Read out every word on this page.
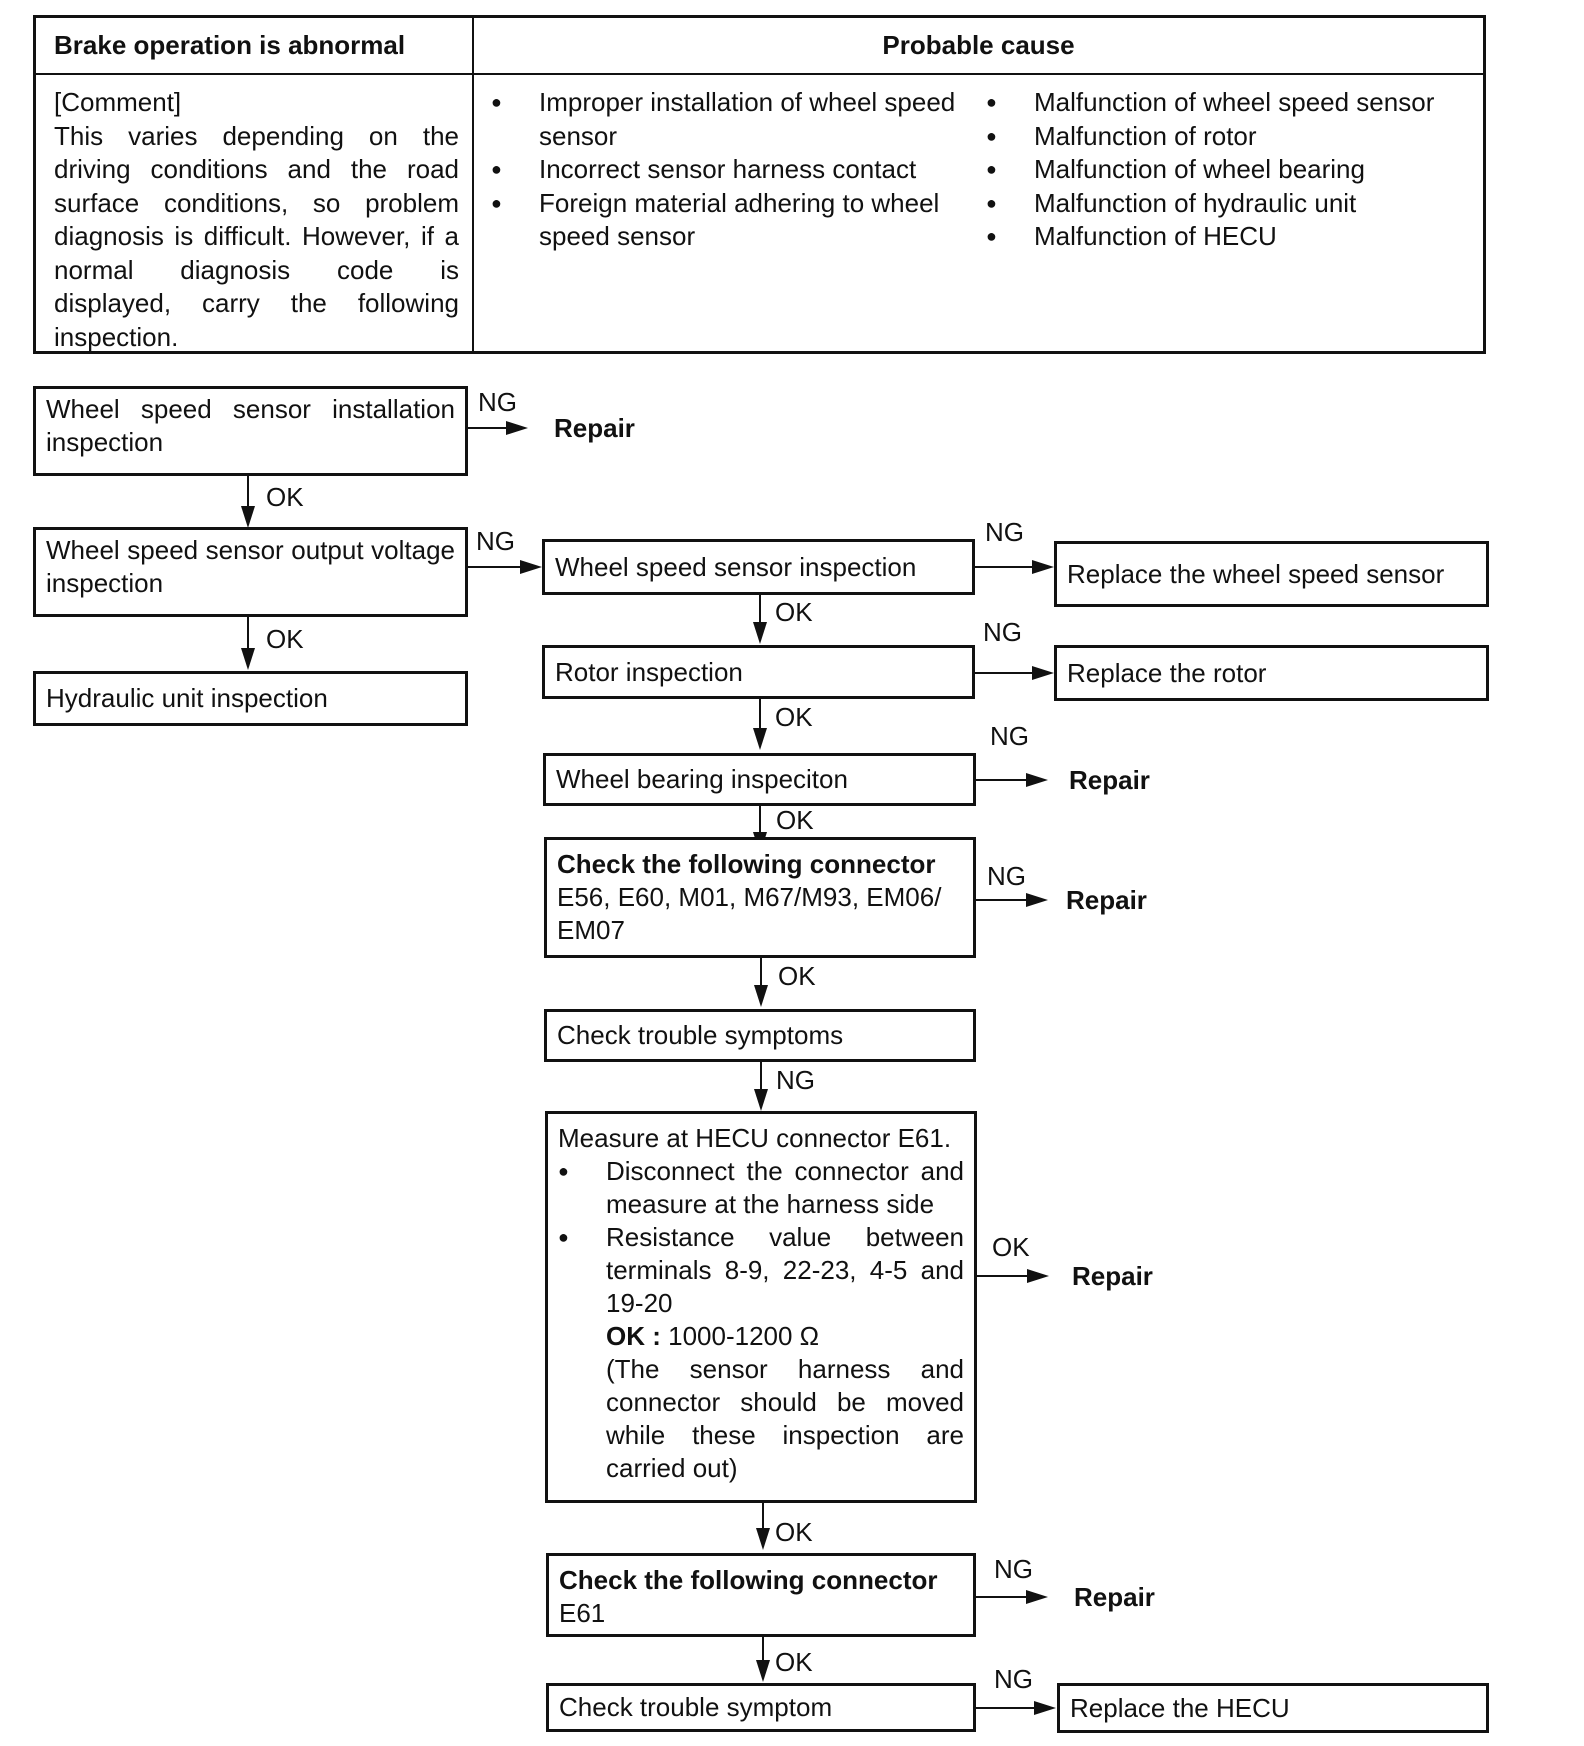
Brake operation is abnormal	Probable cause
[Comment]
This varies depending on the driving conditions and the road surface conditions, so problem diagnosis is difficult. However, if a normal diagnosis code is displayed, carry the following inspection.
● Improper installation of wheel speed sensor
● Incorrect sensor harness contact
● Foreign material adhering to wheel speed sensor
● Malfunction of wheel speed sensor
● Malfunction of rotor
● Malfunction of wheel bearing
● Malfunction of hydraulic unit
● Malfunction of HECU
Wheel speed sensor installation inspection
NG
Repair
OK
Wheel speed sensor output voltage inspection
NG
OK
Hydraulic unit inspection
Wheel speed sensor inspection
NG
Replace the wheel speed sensor
OK
Rotor inspection
NG
Replace the rotor
OK
Wheel bearing inspeciton
NG
Repair
OK
Check the following connector
E56, E60, M01, M67/M93, EM06/ EM07
NG
Repair
OK
Check trouble symptoms
NG
Measure at HECU connector E61.
● Disconnect the connector and measure at the harness side
● Resistance value between terminals 8-9, 22-23, 4-5 and 19-20
OK : 1000-1200 Ω
(The sensor harness and connector should be moved while these inspection are carried out)
OK
Repair
OK
Check the following connector
E61
NG
Repair
OK
Check trouble symptom
NG
Replace the HECU
